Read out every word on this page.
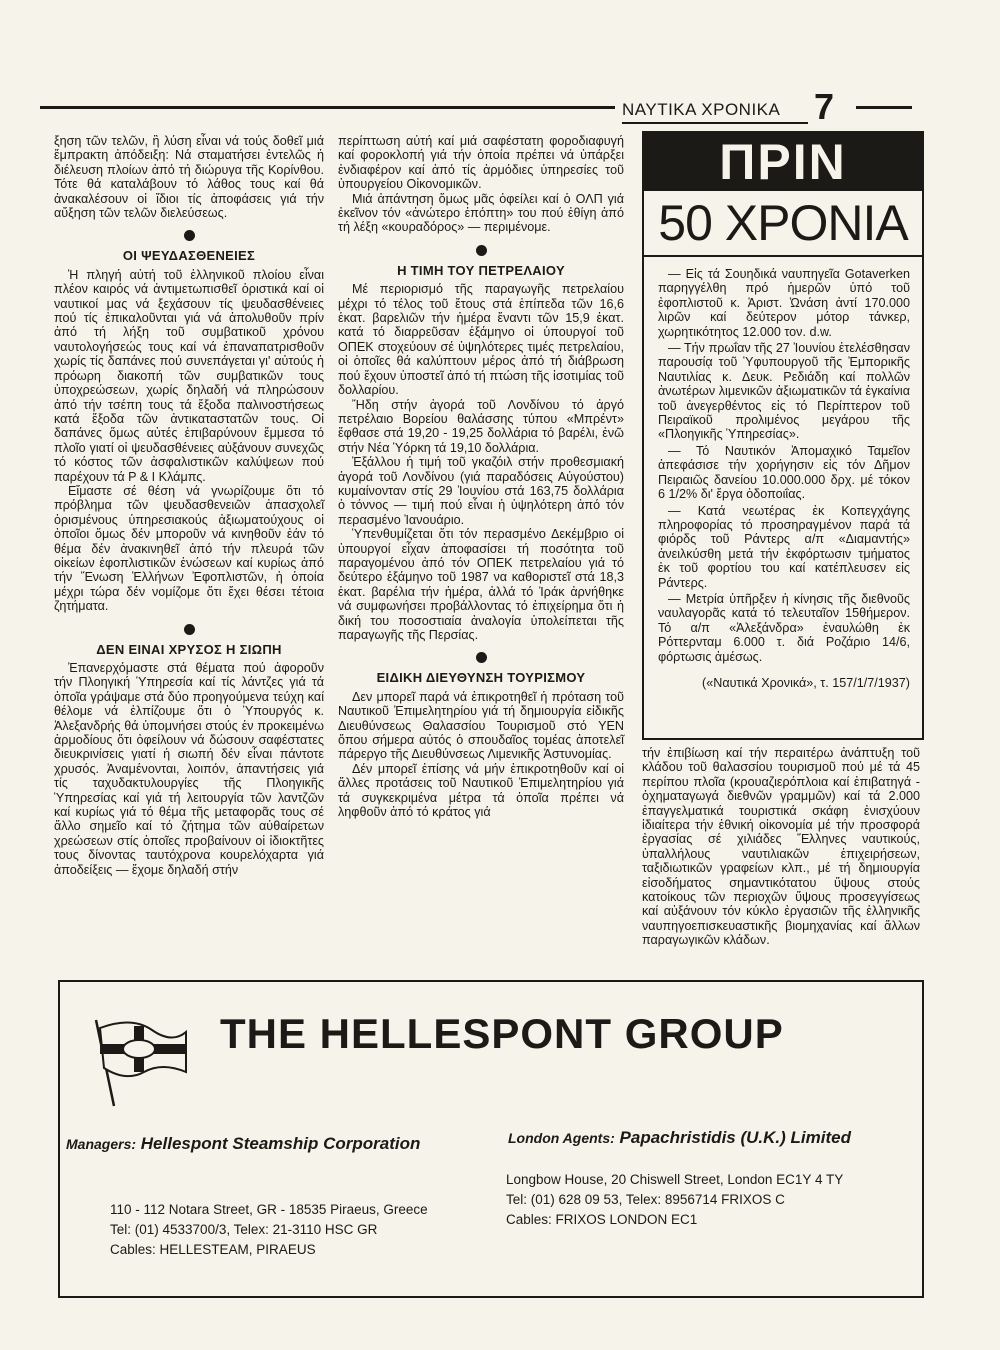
ΝΑΥΤΙΚΑ ΧΡΟΝΙΚΑ 7

ξηση τῶν τελῶν, ἢ λύση εἶναι νά τούς δοθεῖ μιά ἔμπρακτη ἀπόδειξη: Νά σταματήσει ἐντελῶς ἡ διέλευση πλοίων ἀπό τή διώρυγα τῆς Κορίνθου. Τότε θά καταλάβουν τό λάθος τους καί θά ἀνακαλέσουν οἱ ἴδιοι τίς ἀποφάσεις γιά τήν αὔξηση τῶν τελῶν διελεύσεως.

ΟΙ ΨΕΥΔΑΣΘΕΝΕΙΕΣ

Ἡ πληγή αὐτή τοῦ ἑλληνικοῦ πλοίου εἶναι πλέον καιρός νά ἀντιμετωπισθεῖ ὁριστικά καί οἱ ναυτικοί μας νά ξεχάσουν τίς ψευδασθένειες πού τίς ἐπικαλοῦνται γιά νά ἀπολυθοῦν πρίν ἀπό τή λήξη τοῦ συμβατικοῦ χρόνου ναυτολογήσεώς τους καί νά ἐπαναπατρισθοῦν χωρίς τίς δαπάνες πού συνεπάγεται γι' αὐτούς ἡ πρόωρη διακοπή τῶν συμβατικῶν τους ὑποχρεώσεων, χωρίς δηλαδή νά πληρώσουν ἀπό τήν τσέπη τους τά ἔξοδα παλινοστήσεως κατά ἔξοδα τῶν ἀντικαταστατῶν τους. Οἱ δαπάνες ὅμως αὐτές ἐπιβαρύνουν ἔμμεσα τό πλοῖο γιατί οἱ ψευδασθένειες αὐξάνουν συνεχῶς τό κόστος τῶν ἀσφαλιστικῶν καλύψεων πού παρέχουν τά Ρ & Ι Κλάμπς.

Εἴμαστε σέ θέση νά γνωρίζουμε ὅτι τό πρόβλημα τῶν ψευδασθενειῶν ἀπασχολεῖ ὁρισμένους ὑπηρεσιακούς ἀξιωματούχους οἱ ὁποῖοι ὅμως δέν μποροῦν νά κινηθοῦν ἐάν τό θέμα δέν ἀνακινηθεῖ ἀπό τήν πλευρά τῶν οἰκείων ἐφοπλιστικῶν ἑνώσεων καί κυρίως ἀπό τήν Ἕνωση Ἑλλήνων Ἐφοπλιστῶν, ἡ ὁποία μέχρι τώρα δέν νομίζομε ὅτι ἔχει θέσει τέτοια ζητήματα.

ΔΕΝ ΕΙΝΑΙ ΧΡΥΣΟΣ Η ΣΙΩΠΗ

Ἐπανερχόμαστε στά θέματα πού ἀφοροῦν τήν Πλοηγική Ὑπηρεσία καί τίς λάντζες γιά τά ὁποῖα γράψαμε στά δύο προηγούμενα τεύχη καί θέλομε νά ἐλπίζουμε ὅτι ὁ Ὑπουργός κ. Ἀλεξανδρής θά ὑπομνήσει στούς ἐν προκειμένω ἁρμοδίους ὅτι ὀφείλουν νά δώσουν σαφέστατες διευκρινίσεις γιατί ἡ σιωπή δέν εἶναι πάντοτε χρυσός. Ἀναμένονται, λοιπόν, ἀπαντήσεις γιά τίς ταχυδακτυλουργίες τῆς Πλοηγικῆς Ὑπηρεσίας καί γιά τή λειτουργία τῶν λαντζῶν καί κυρίως γιά τό θέμα τῆς μεταφορᾶς τους σέ ἄλλο σημεῖο καί τό ζήτημα τῶν αὐθαίρετων χρεώσεων στίς ὁποῖες προβαίνουν οἱ ἰδιοκτῆτες τους δίνοντας ταυτόχρονα κουρελόχαρτα γιά ἀποδείξεις — ἔχομε δηλαδή στήν

περίπτωση αὐτή καί μιά σαφέστατη φοροδιαφυγή καί φοροκλοπή γιά τήν ὁποία πρέπει νά ὑπάρξει ἐνδιαφέρον καί ἀπό τίς ἁρμόδιες ὑπηρεσίες τοῦ ὑπουργείου Οἰκονομικῶν.

Μιά ἀπάντηση ὅμως μᾶς ὀφείλει καί ὁ ΟΛΠ γιά ἐκεῖνον τόν «ἀνώτερο ἐπόπτη» του πού ἐθίγη ἀπό τή λέξη «κουραδόρος» — περιμένομε.

Η ΤΙΜΗ ΤΟΥ ΠΕΤΡΕΛΑΙΟΥ

Μέ περιορισμό τῆς παραγωγῆς πετρελαίου μέχρι τό τέλος τοῦ ἔτους στά ἐπίπεδα τῶν 16,6 ἑκατ. βαρελιῶν τήν ἡμέρα ἔναντι τῶν 15,9 ἑκατ. κατά τό διαρρεῦσαν ἑξάμηνο οἱ ὑπουργοί τοῦ ΟΠΕΚ στοχεύουν σέ ὑψηλότερες τιμές πετρελαίου, οἱ ὁποῖες θά καλύπτουν μέρος ἀπό τή διάβρωση πού ἔχουν ὑποστεῖ ἀπό τή πτώση τῆς ἰσοτιμίας τοῦ δολλαρίου.

Ἤδη στήν ἀγορά τοῦ Λονδίνου τό ἀργό πετρέλαιο Βορείου θαλάσσης τύπου «Μπρέντ» ἔφθασε στά 19,20 - 19,25 δολλάρια τό βαρέλι, ἐνῶ στήν Νέα Ὑόρκη τά 19,10 δολλάρια.

Ἐξάλλου ἡ τιμή τοῦ γκαζόιλ στήν προθεσμιακή ἀγορά τοῦ Λονδίνου (γιά παραδόσεις Αὐγούστου) κυμαίνονταν στίς 29 Ἰουνίου στά 163,75 δολλάρια ὁ τόννος — τιμή πού εἶναι ἡ ὑψηλότερη ἀπό τόν περασμένο Ἰανουάριο.

Ὑπενθυμίζεται ὅτι τόν περασμένο Δεκέμβριο οἱ ὑπουργοί εἶχαν ἀποφασίσει τή ποσότητα τοῦ παραγομένου ἀπό τόν ΟΠΕΚ πετρελαίου γιά τό δεύτερο ἑξάμηνο τοῦ 1987 να καθοριστεῖ στά 18,3 ἑκατ. βαρέλια τήν ἡμέρα, ἀλλά τό Ἰράκ ἀρνήθηκε νά συμφωνήσει προβάλλοντας τό ἐπιχείρημα ὅτι ἡ δική του ποσοστιαία ἀναλογία ὑπολείπεται τῆς παραγωγῆς τῆς Περσίας.

ΕΙΔΙΚΗ ΔΙΕΥΘΥΝΣΗ ΤΟΥΡΙΣΜΟΥ

Δεν μπορεῖ παρά νά ἐπικροτηθεῖ ἡ πρόταση τοῦ Ναυτικοῦ Ἐπιμελητηρίου γιά τή δημιουργία εἰδικῆς Διευθύνσεως Θαλασσίου Τουρισμοῦ στό ΥΕΝ ὅπου σήμερα αὐτός ὁ σπουδαῖος τομέας ἀποτελεῖ πάρεργο τῆς Διευθύνσεως Λιμενικῆς Ἀστυνομίας.

Δέν μπορεῖ ἐπίσης νά μήν ἐπικροτηθοῦν καί οἱ ἄλλες προτάσεις τοῦ Ναυτικοῦ Ἐπιμελητηρίου γιά τά συγκεκριμένα μέτρα τά ὁποῖα πρέπει νά ληφθοῦν ἀπό τό κράτος γιά

ΠΡΙΝ
50 ΧΡΟΝΙΑ

— Εἰς τά Σουηδικά ναυπηγεῖα Gotaverken παρηγγέλθη πρό ἡμερῶν ὑπό τοῦ ἐφοπλιστοῦ κ. Ἀριστ. Ὠνάση ἀντί 170.000 λιρῶν καί δεύτερον μότορ τάνκερ, χωρητικότητος 12.000 τον. d.w.

— Τήν πρωΐαν τῆς 27 Ἰουνίου ἐτελέσθησαν παρουσίᾳ τοῦ Ὑφυπουργοῦ τῆς Ἐμπορικῆς Ναυτιλίας κ. Δευκ. Ρεδιάδη καί πολλῶν ἀνωτέρων λιμενικῶν ἀξιωματικῶν τά ἐγκαίνια τοῦ ἀνεγερθέντος εἰς τό Περίπτερον τοῦ Πειραϊκοῦ προλιμένος μεγάρου τῆς «Πλοηγικῆς Ὑπηρεσίας».

— Τό Ναυτικόν Ἀπομαχικό Ταμεῖον ἀπεφάσισε τήν χορήγησιν εἰς τόν Δῆμον Πειραιῶς δανείου 10.000.000 δρχ. μέ τόκον 6 1/2% δι' ἔργα ὁδοποιΐας.

— Κατά νεωτέρας ἐκ Κοπεγχάγης πληροφορίας τό προσηραγμένον παρά τά φιόρδς τοῦ Ράντερς α/π «Διαμαντής» ἀνειλκύσθη μετά τήν ἐκφόρτωσιν τμήματος ἐκ τοῦ φορτίου του καί κατέπλευσεν εἰς Ράντερς.

— Μετρία ὑπῆρξεν ἡ κίνησις τῆς διεθνοῦς ναυλαγορᾶς κατά τό τελευταῖον 15θήμερον. Τό α/π «Ἀλεξάνδρα» ἐναυλώθη ἐκ Ρόττερνταμ 6.000 τ. διά Ροζάριο 14/6, φόρτωσις ἀμέσως.

(«Ναυτικά Χρονικά», τ. 157/1/7/1937)

τήν ἐπιβίωση καί τήν περαιτέρω ἀνάπτυξη τοῦ κλάδου τοῦ θαλασσίου τουρισμοῦ πού μέ τά 45 περίπου πλοῖα (κρουαζιερόπλοια καί ἐπιβατηγά - ὀχηματαγωγά διεθνῶν γραμμῶν) καί τά 2.000 ἐπαγγελματικά τουριστικά σκάφη ἐνισχύουν ἰδιαίτερα τήν ἐθνική οἰκονομία μέ τήν προσφορά ἐργασίας σέ χιλιάδες Ἕλληνες ναυτικούς, ὑπαλλήλους ναυτιλιακῶν ἐπιχειρήσεων, ταξιδιωτικῶν γραφείων κλπ., μέ τή δημιουργία εἰσοδήματος σημαντικότατου ὕψους στούς κατοίκους τῶν περιοχῶν ὕψους προσεγγίσεως καί αὐξάνουν τόν κύκλο ἐργασιῶν τῆς ἑλληνικῆς ναυπηγοεπισκευαστικῆς βιομηχανίας καί ἄλλων παραγωγικῶν κλάδων.

THE HELLESPONT GROUP
Managers: Hellespont Steamship Corporation	London Agents: Papachristidis (U.K.) Limited
110 - 112 Notara Street, GR - 18535 Piraeus, Greece
Tel: (01) 4533700/3, Telex: 21-3110 HSC GR
Cables: HELLESTEAM, PIRAEUS
Longbow House, 20 Chiswell Street, London EC1Y 4 TY
Tel: (01) 628 09 53, Telex: 8956714 FRIXOS C
Cables: FRIXOS LONDON EC1
